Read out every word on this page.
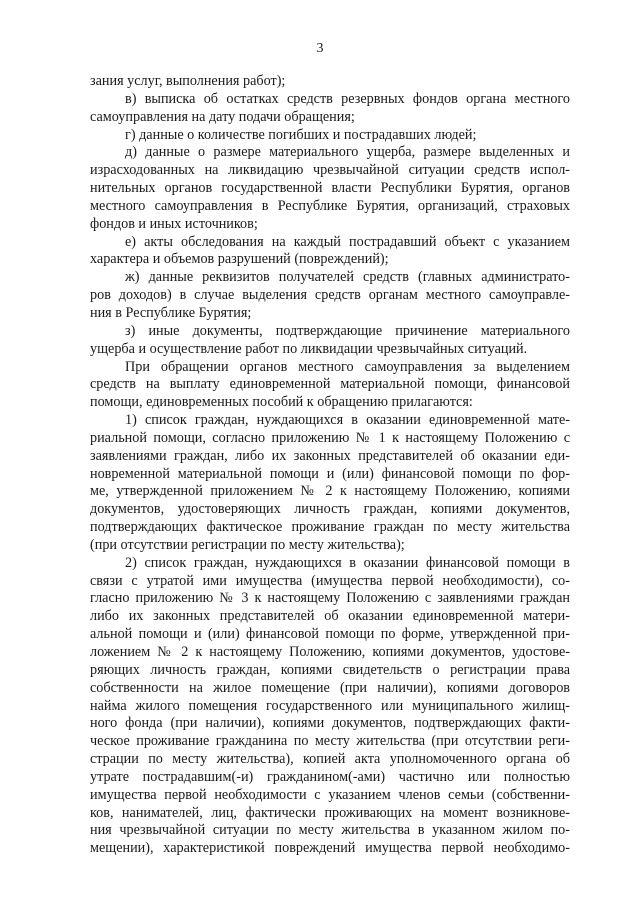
3
зания услуг, выполнения работ);
в) выписка об остатках средств резервных фондов органа местного
самоуправления на дату подачи обращения;
г) данные о количестве погибших и пострадавших людей;
д) данные о размере материального ущерба, размере выделенных и
израсходованных на ликвидацию чрезвычайной ситуации средств испол-
нительных органов государственной власти Республики Бурятия, органов
местного самоуправления в Республике Бурятия, организаций, страховых
фондов и иных источников;
е) акты обследования на каждый пострадавший объект с указанием
характера и объемов разрушений (повреждений);
ж) данные реквизитов получателей средств (главных администрато-
ров доходов) в случае выделения средств органам местного самоуправле-
ния в Республике Бурятия;
з) иные документы, подтверждающие причинение материального
ущерба и осуществление работ по ликвидации чрезвычайных ситуаций.
При обращении органов местного самоуправления за выделением
средств на выплату единовременной материальной помощи, финансовой
помощи, единовременных пособий к обращению прилагаются:
1) список граждан, нуждающихся в оказании единовременной мате-
риальной помощи, согласно приложению № 1 к настоящему Положению с
заявлениями граждан, либо их законных представителей об оказании еди-
новременной материальной помощи и (или) финансовой помощи по фор-
ме, утвержденной приложением № 2 к настоящему Положению, копиями
документов, удостоверяющих личность граждан, копиями документов,
подтверждающих фактическое проживание граждан по месту жительства
(при отсутствии регистрации по месту жительства);
2) список граждан, нуждающихся в оказании финансовой помощи в
связи с утратой ими имущества (имущества первой необходимости), со-
гласно приложению № 3 к настоящему Положению с заявлениями граждан
либо их законных представителей об оказании единовременной матери-
альной помощи и (или) финансовой помощи по форме, утвержденной при-
ложением № 2 к настоящему Положению, копиями документов, удостове-
ряющих личность граждан, копиями свидетельств о регистрации права
собственности на жилое помещение (при наличии), копиями договоров
найма жилого помещения государственного или муниципального жилищ-
ного фонда (при наличии), копиями документов, подтверждающих факти-
ческое проживание гражданина по месту жительства (при отсутствии реги-
страции по месту жительства), копией акта уполномоченного органа об
утрате пострадавшим(-и) гражданином(-ами) частично или полностью
имущества первой необходимости с указанием членов семьи (собственни-
ков, нанимателей, лиц, фактически проживающих на момент возникнове-
ния чрезвычайной ситуации по месту жительства в указанном жилом по-
мещении), характеристикой повреждений имущества первой необходимо-
